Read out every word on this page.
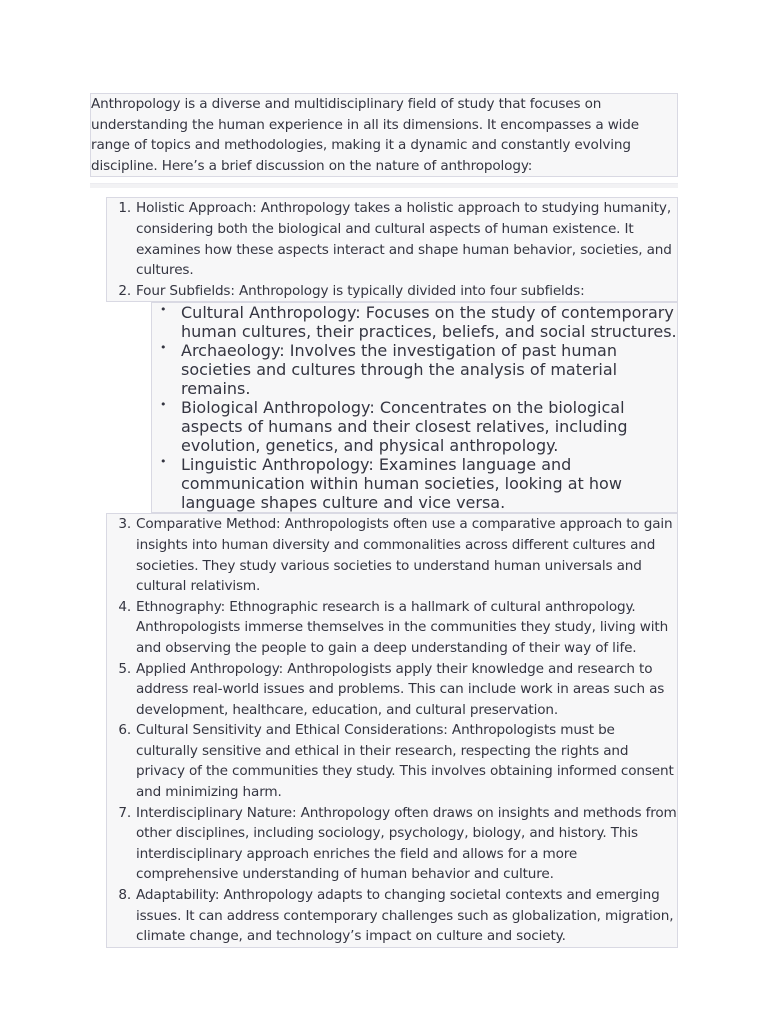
Anthropology is a diverse and multidisciplinary field of study that focuses on understanding the human experience in all its dimensions. It encompasses a wide range of topics and methodologies, making it a dynamic and constantly evolving discipline. Here’s a brief discussion on the nature of anthropology:

1. Holistic Approach: Anthropology takes a holistic approach to studying humanity, considering both the biological and cultural aspects of human existence. It examines how these aspects interact and shape human behavior, societies, and cultures.
2. Four Subfields: Anthropology is typically divided into four subfields:
• Cultural Anthropology: Focuses on the study of contemporary human cultures, their practices, beliefs, and social structures.
• Archaeology: Involves the investigation of past human societies and cultures through the analysis of material remains.
• Biological Anthropology: Concentrates on the biological aspects of humans and their closest relatives, including evolution, genetics, and physical anthropology.
• Linguistic Anthropology: Examines language and communication within human societies, looking at how language shapes culture and vice versa.
3. Comparative Method: Anthropologists often use a comparative approach to gain insights into human diversity and commonalities across different cultures and societies. They study various societies to understand human universals and cultural relativism.
4. Ethnography: Ethnographic research is a hallmark of cultural anthropology. Anthropologists immerse themselves in the communities they study, living with and observing the people to gain a deep understanding of their way of life.
5. Applied Anthropology: Anthropologists apply their knowledge and research to address real-world issues and problems. This can include work in areas such as development, healthcare, education, and cultural preservation.
6. Cultural Sensitivity and Ethical Considerations: Anthropologists must be culturally sensitive and ethical in their research, respecting the rights and privacy of the communities they study. This involves obtaining informed consent and minimizing harm.
7. Interdisciplinary Nature: Anthropology often draws on insights and methods from other disciplines, including sociology, psychology, biology, and history. This interdisciplinary approach enriches the field and allows for a more comprehensive understanding of human behavior and culture.
8. Adaptability: Anthropology adapts to changing societal contexts and emerging issues. It can address contemporary challenges such as globalization, migration, climate change, and technology’s impact on culture and society.
